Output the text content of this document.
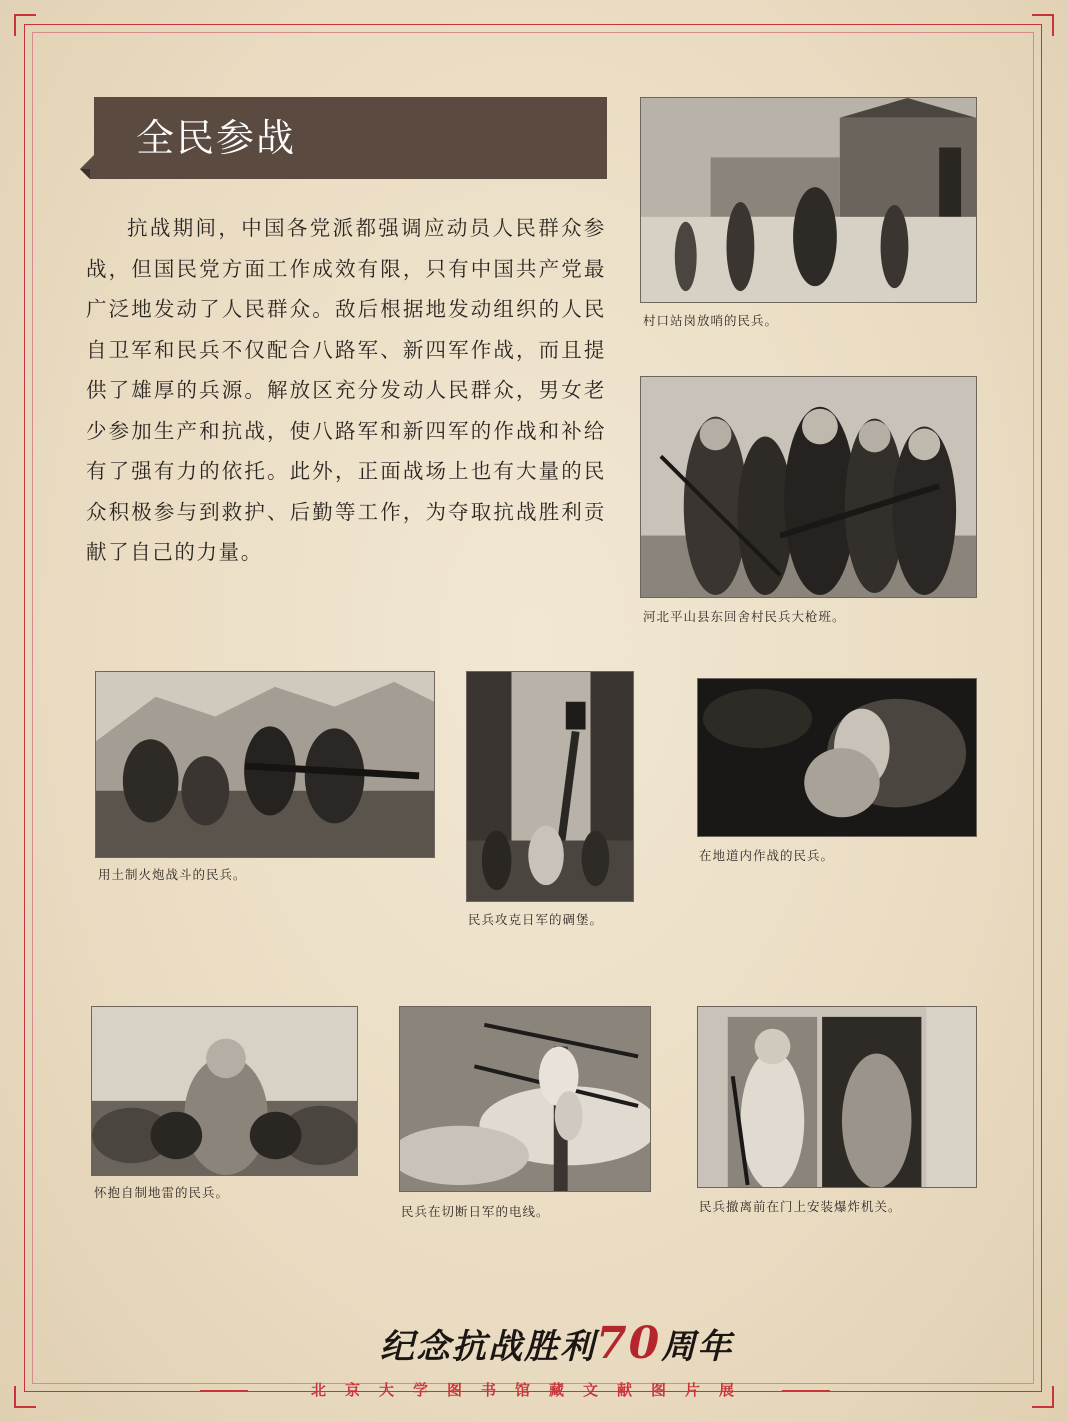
全民参战
抗战期间，中国各党派都强调应动员人民群众参战，但国民党方面工作成效有限，只有中国共产党最广泛地发动了人民群众。敌后根据地发动组织的人民自卫军和民兵不仅配合八路军、新四军作战，而且提供了雄厚的兵源。解放区充分发动人民群众，男女老少参加生产和抗战，使八路军和新四军的作战和补给有了强有力的依托。此外，正面战场上也有大量的民众积极参与到救护、后勤等工作，为夺取抗战胜利贡献了自己的力量。
村口站岗放哨的民兵。
河北平山县东回舍村民兵大枪班。
用土制火炮战斗的民兵。
民兵攻克日军的碉堡。
在地道内作战的民兵。
怀抱自制地雷的民兵。
民兵在切断日军的电线。	民兵撤离前在门上安装爆炸机关。
纪念抗战胜利70周年
北京大学图书馆藏文献图片展
